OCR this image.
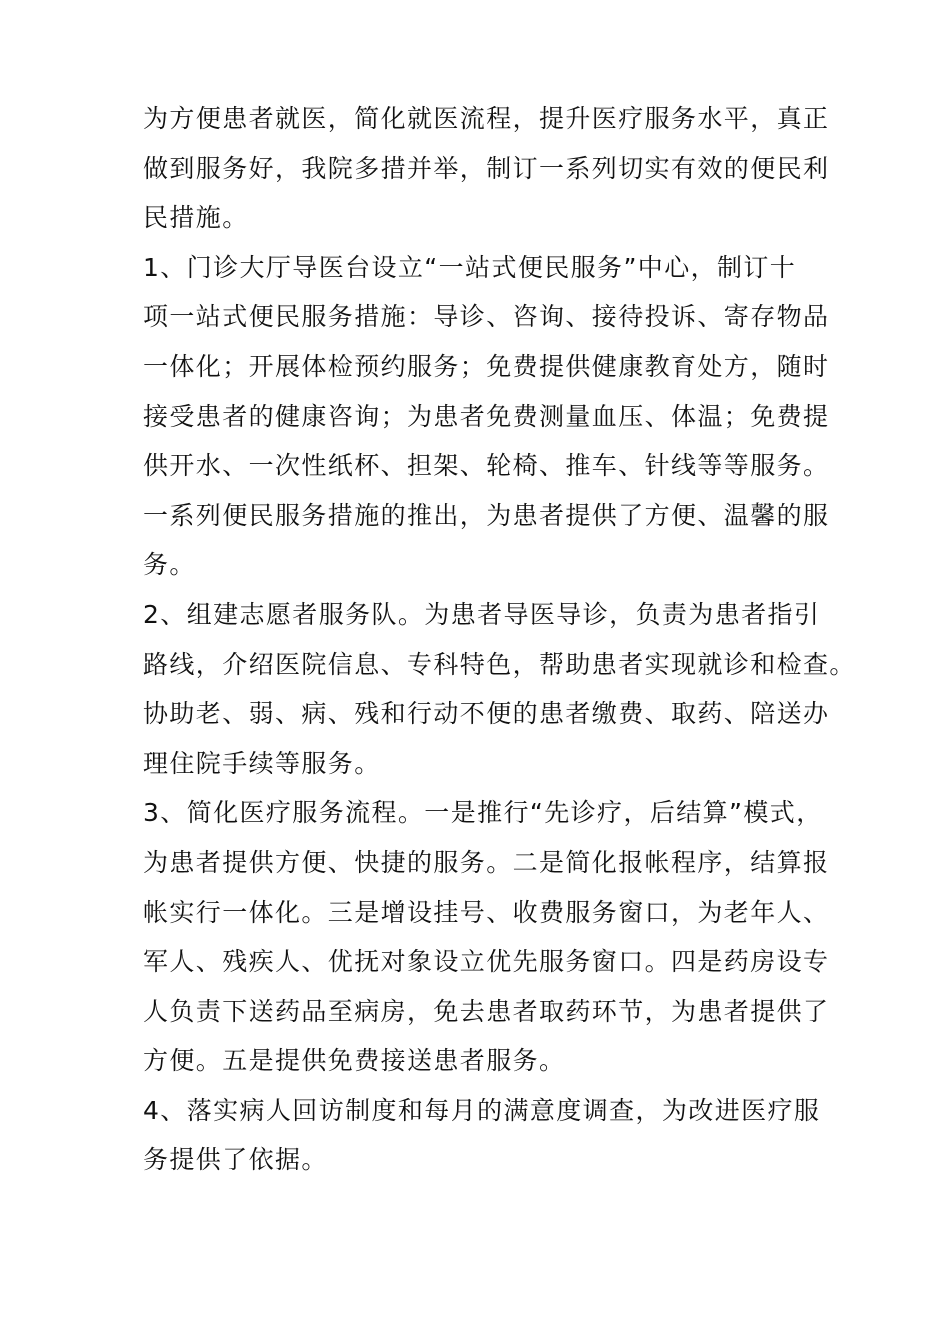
为方便患者就医，简化就医流程，提升医疗服务水平，真正
做到服务好，我院多措并举，制订一系列切实有效的便民利
民措施。
1、门诊大厅导医台设立“一站式便民服务”中心，制订十
项一站式便民服务措施：导诊、咨询、接待投诉、寄存物品
一体化；开展体检预约服务；免费提供健康教育处方，随时
接受患者的健康咨询；为患者免费测量血压、体温；免费提
供开水、一次性纸杯、担架、轮椅、推车、针线等等服务。
一系列便民服务措施的推出，为患者提供了方便、温馨的服
务。
2、组建志愿者服务队。为患者导医导诊，负责为患者指引
路线，介绍医院信息、专科特色，帮助患者实现就诊和检查。
协助老、弱、病、残和行动不便的患者缴费、取药、陪送办
理住院手续等服务。
3、简化医疗服务流程。一是推行“先诊疗，后结算”模式，
为患者提供方便、快捷的服务。二是简化报帐程序，结算报
帐实行一体化。三是增设挂号、收费服务窗口，为老年人、
军人、残疾人、优抚对象设立优先服务窗口。四是药房设专
人负责下送药品至病房，免去患者取药环节，为患者提供了
方便。五是提供免费接送患者服务。
4、落实病人回访制度和每月的满意度调查，为改进医疗服
务提供了依据。
